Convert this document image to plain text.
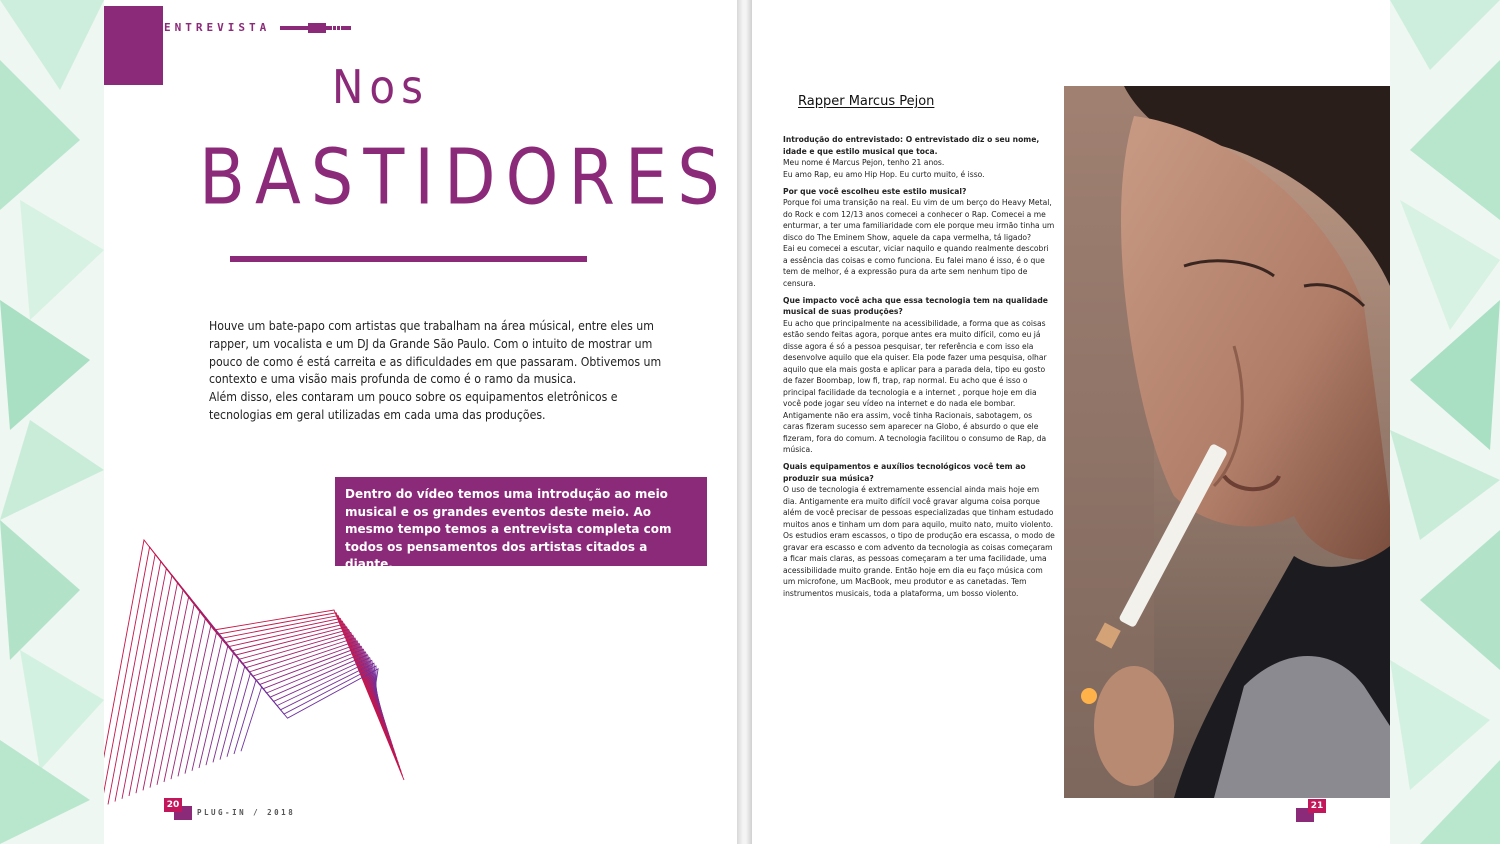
ENTREVISTA
Nos
BASTIDORES

Houve um bate-papo com artistas que trabalham na área músical, entre eles um rapper, um vocalista e um DJ da Grande São Paulo. Com o intuito de mostrar um pouco de como é está carreita e as dificuldades em que passaram. Obtivemos um contexto e uma visão mais profunda de como é o ramo da musica.

Além disso, eles contaram um pouco sobre os equipamentos eletrônicos e tecnologias em geral utilizadas em cada uma das produções.

Dentro do vídeo temos uma introdução ao meio musical e os grandes eventos deste meio. Ao mesmo tempo temos a entrevista completa com todos os pensamentos dos artistas citados a diante.
20
PLUG-IN / 2018
Rapper Marcus Pejon

Introdução do entrevistado: O entrevistado diz o seu nome, idade e que estilo musical que toca.

Meu nome é Marcus Pejon, tenho 21 anos.
Eu amo Rap, eu amo Hip Hop. Eu curto muito, é isso.

Por que você escolheu este estilo musical?

Porque foi uma transição na real. Eu vim de um berço do Heavy Metal, do Rock e com 12/13 anos comecei a conhecer o Rap. Comecei a me enturmar, a ter uma familiaridade com ele porque meu irmão tinha um disco do The Eminem Show, aquele da capa vermelha, tá ligado?
Eai eu comecei a escutar, viciar naquilo e quando realmente descobri a essência das coisas e como funciona. Eu falei mano é isso, é o que tem de melhor, é a expressão pura da arte sem nenhum tipo de censura.

Que impacto você acha que essa tecnologia tem na qualidade musical de suas produções?

Eu acho que principalmente na acessibilidade, a forma que as coisas estão sendo feitas agora, porque antes era muito difícil, como eu já disse agora é só a pessoa pesquisar, ter referência e com isso ela desenvolve aquilo que ela quiser. Ela pode fazer uma pesquisa, olhar aquilo que ela mais gosta e aplicar para a parada dela, tipo eu gosto de fazer Boombap, low fi, trap, rap normal. Eu acho que é isso o principal facilidade da tecnologia e a internet , porque hoje em dia você pode jogar seu vídeo na internet e do nada ele bombar. Antigamente não era assim, você tinha Racionais, sabotagem, os caras fizeram sucesso sem aparecer na Globo, é absurdo o que ele fizeram, fora do comum. A tecnologia facilitou o consumo de Rap, da música.

Quais equipamentos e auxílios tecnológicos você tem ao produzir sua música?

O uso de tecnologia é extremamente essencial ainda mais hoje em dia. Antigamente era muito difícil você gravar alguma coisa porque além de você precisar de pessoas especializadas que tinham estudado muitos anos e tinham um dom para aquilo, muito nato, muito violento. Os estudios eram escassos, o tipo de produção era escassa, o modo de gravar era escasso e com advento da tecnologia as coisas começaram a ficar mais claras, as pessoas começaram a ter uma facilidade, uma acessibilidade muito grande. Então hoje em dia eu faço música com um microfone, um MacBook, meu produtor e as canetadas. Tem instrumentos musicais, toda a plataforma, um bosso violento.

21
